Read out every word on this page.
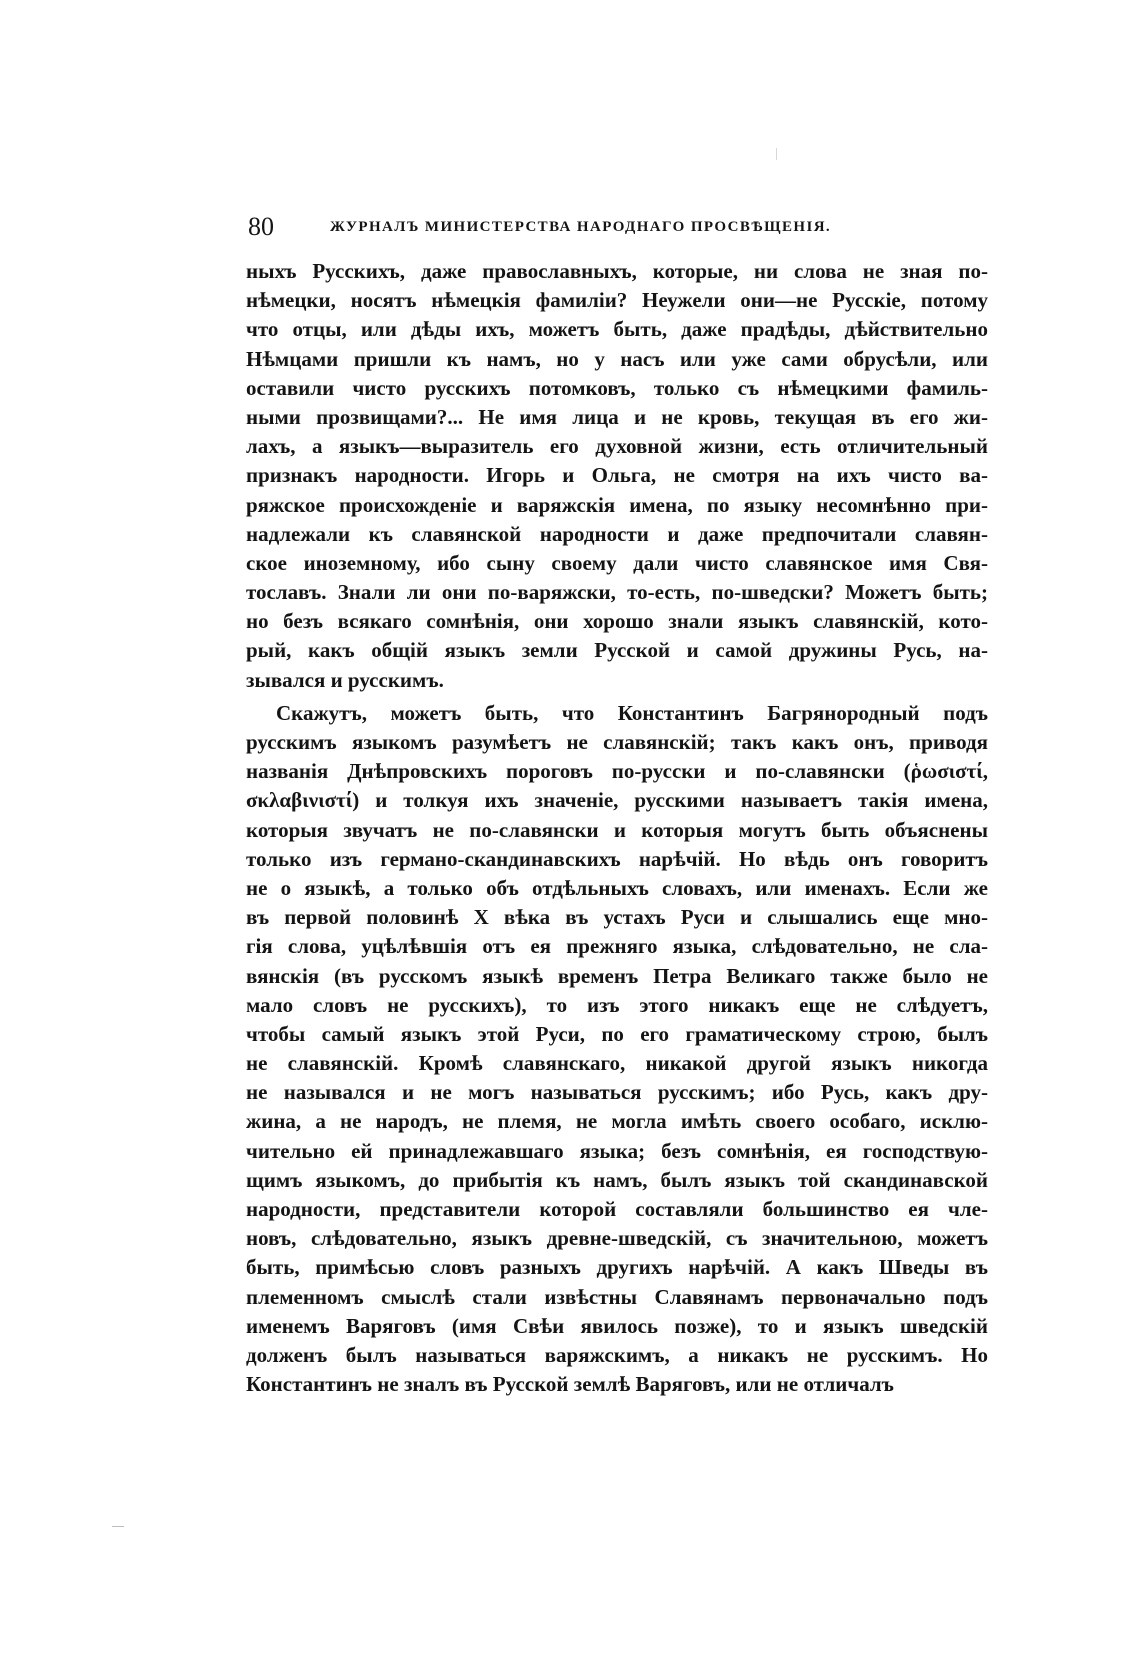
80	ЖУРНАЛЪ МИНИСТЕРСТВА НАРОДНАГО ПРОСВѢЩЕНІЯ.
ныхъ Русскихъ, даже православныхъ, которые, ни слова не зная по-
нѣмецки, носятъ нѣмецкія фамиліи? Неужели они—не Русскіе, потому
что отцы, или дѣды ихъ, можетъ быть, даже прадѣды, дѣйствительно
Нѣмцами пришли къ намъ, но у насъ или уже сами обрусѣли, или
оставили чисто русскихъ потомковъ, только съ нѣмецкими фамиль-
ными прозвищами?... Не имя лица и не кровь, текущая въ его жи-
лахъ, а языкъ—выразитель его духовной жизни, есть отличительный
признакъ народности. Игорь и Ольга, не смотря на ихъ чисто ва-
ряжское происхожденіе и варяжскія имена, по языку несомнѣнно при-
надлежали къ славянской народности и даже предпочитали славян-
ское иноземному, ибо сыну своему дали чисто славянское имя Свя-
тославъ. Знали ли они по-варяжски, то-есть, по-шведски? Можетъ быть;
но безъ всякаго сомнѣнія, они хорошо знали языкъ славянскій, кото-
рый, какъ общій языкъ земли Русской и самой дружины Русь, на-
зывался и русскимъ.
Скажутъ, можетъ быть, что Константинъ Багрянородный подъ
русскимъ языкомъ разумѣетъ не славянскій; такъ какъ онъ, приводя
названія Днѣпровскихъ пороговъ по-русски и по-славянски (ῥωσιστί,
σκλαβινιστί) и толкуя ихъ значеніе, русскими называетъ такія имена,
которыя звучатъ не по-славянски и которыя могутъ быть объяснены
только изъ германо-скандинавскихъ нарѣчій. Но вѣдь онъ говоритъ
не о языкѣ, а только объ отдѣльныхъ словахъ, или именахъ. Если же
въ первой половинѣ X вѣка въ устахъ Руси и слышались еще мно-
гія слова, уцѣлѣвшія отъ ея прежняго языка, слѣдовательно, не сла-
вянскія (въ русскомъ языкѣ временъ Петра Великаго также было не
мало словъ не русскихъ), то изъ этого никакъ еще не слѣдуетъ,
чтобы самый языкъ этой Руси, по его граматическому строю, былъ
не славянскій. Кромѣ славянскаго, никакой другой языкъ никогда
не назывался и не могъ называться русскимъ; ибо Русь, какъ дру-
жина, а не народъ, не племя, не могла имѣть своего особаго, исклю-
чительно ей принадлежавшаго языка; безъ сомнѣнія, ея господствую-
щимъ языкомъ, до прибытія къ намъ, былъ языкъ той скандинавской
народности, представители которой составляли большинство ея чле-
новъ, слѣдовательно, языкъ древне-шведскій, съ значительною, можетъ
быть, примѣсью словъ разныхъ другихъ нарѣчій. А какъ Шведы въ
племенномъ смыслѣ стали извѣстны Славянамъ первоначально подъ
именемъ Варяговъ (имя Свѣи явилось позже), то и языкъ шведскій
долженъ былъ называться варяжскимъ, а никакъ не русскимъ. Но
Константинъ не зналъ въ Русской землѣ Варяговъ, или не отличалъ
